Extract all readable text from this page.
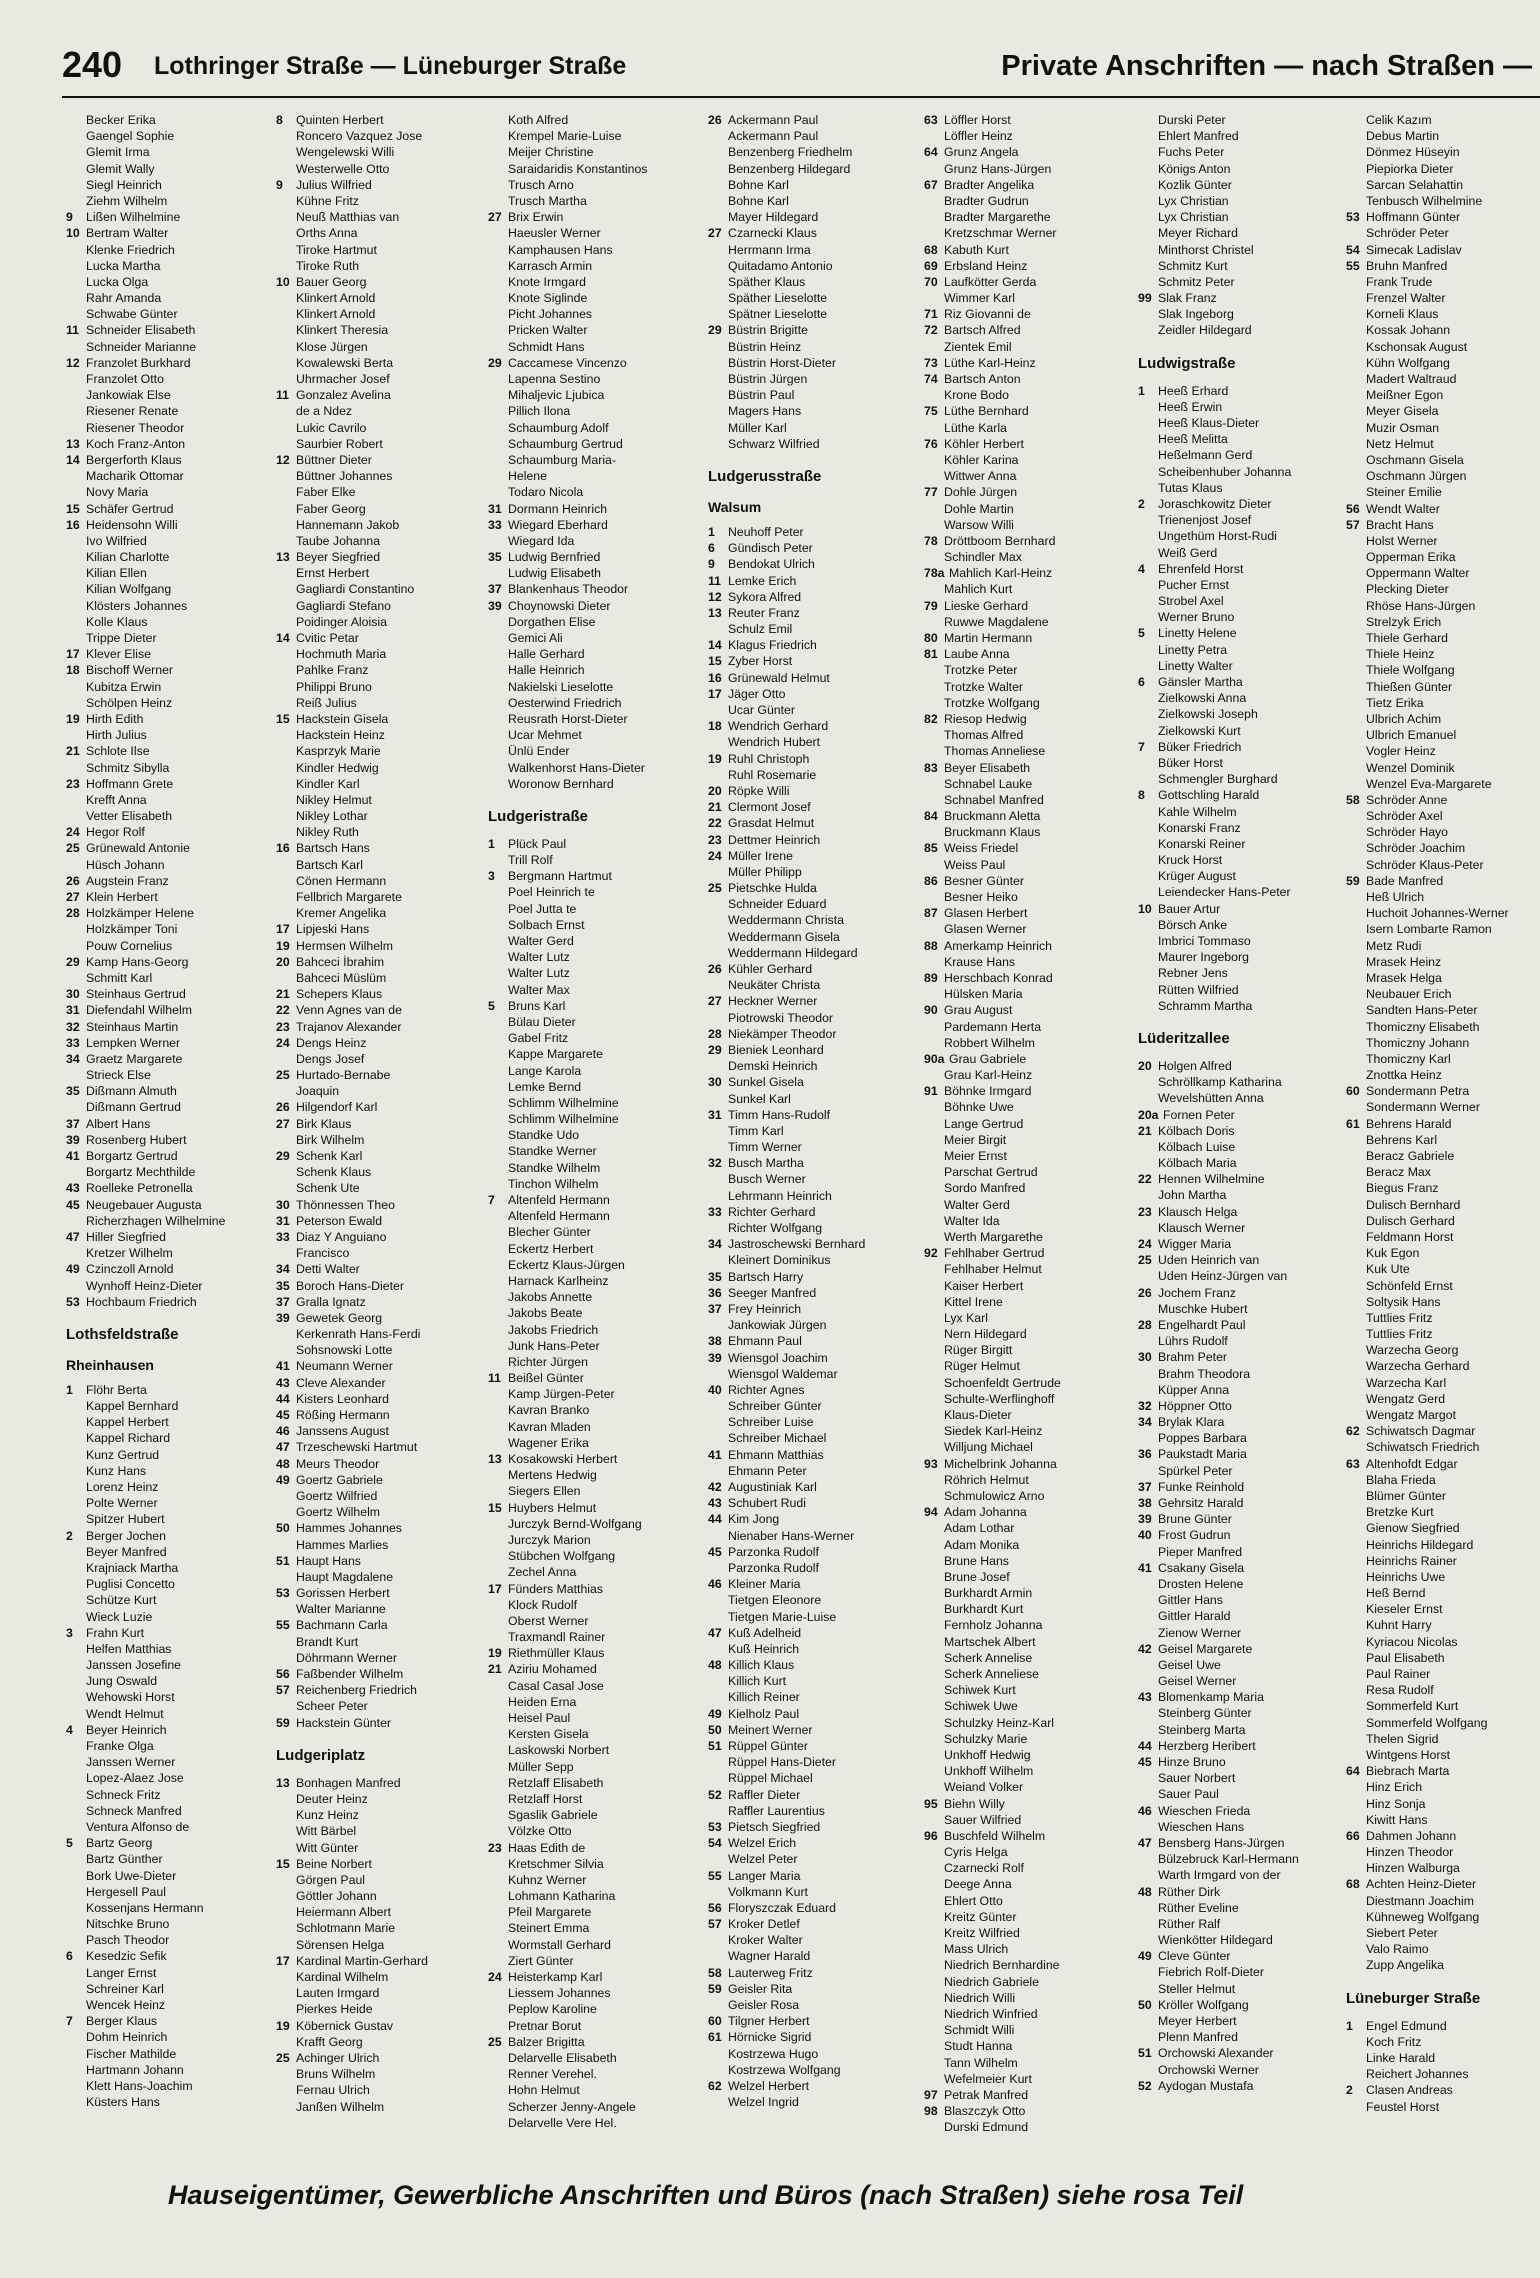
240 Lothringer Straße — Lüneburger Straße	Private Anschriften — nach Straßen —
Becker Erika
Gaengel Sophie
Glemit Irma
Glemit Wally
Siegl Heinrich
Ziehm Wilhelm
9 Lißen Wilhelmine
10 Bertram Walter
Klenke Friedrich
Lucka Martha
Lucka Olga
Rahr Amanda
Schwabe Günter
11 Schneider Elisabeth
Schneider Marianne
12 Franzolet Burkhard
Franzolet Otto
Jankowiak Else
Riesener Renate
Riesener Theodor
13 Koch Franz-Anton
14 Bergerforth Klaus
Macharik Ottomar
Novy Maria
15 Schäfer Gertrud
16 Heidensohn Willi
Ivo Wilfried
Kilian Charlotte
Kilian Ellen
Kilian Wolfgang
Klösters Johannes
Kolle Klaus
Trippe Dieter
17 Klever Elise
18 Bischoff Werner
Kubitza Erwin
Schölpen Heinz
19 Hirth Edith
Hirth Julius
21 Schlote Ilse
Schmitz Sibylla
23 Hoffmann Grete
Krefft Anna
Vetter Elisabeth
24 Hegor Rolf
25 Grünewald Antonie
Hüsch Johann
26 Augstein Franz
27 Klein Herbert
28 Holzkämper Helene
Holzkämper Toni
Pouw Cornelius
29 Kamp Hans-Georg
Schmitt Karl
30 Steinhaus Gertrud
31 Diefendahl Wilhelm
32 Steinhaus Martin
33 Lempken Werner
34 Graetz Margarete
Strieck Else
35 Dißmann Almuth
Dißmann Gertrud
37 Albert Hans
39 Rosenberg Hubert
41 Borgartz Gertrud
Borgartz Mechthilde
43 Roelleke Petronella
45 Neugebauer Augusta
Richerzhagen Wilhelmine
47 Hiller Siegfried
Kretzer Wilhelm
49 Czinczoll Arnold
Wynhoff Heinz-Dieter
53 Hochbaum Friedrich
Lothsfeldstraße
Rheinhausen
1 Flöhr Berta
Kappel Bernhard
Kappel Herbert
Kappel Richard
Kunz Gertrud
Kunz Hans
Lorenz Heinz
Polte Werner
Spitzer Hubert
2 Berger Jochen
Beyer Manfred
Krajniack Martha
Puglisi Concetto
Schütze Kurt
Wieck Luzie
3 Frahn Kurt
Helfen Matthias
Janssen Josefine
Jung Oswald
Wehowski Horst
Wendt Helmut
4 Beyer Heinrich
Franke Olga
Janssen Werner
Lopez-Alaez Jose
Schneck Fritz
Schneck Manfred
Ventura Alfonso de
5 Bartz Georg
Bartz Günther
Bork Uwe-Dieter
Hergesell Paul
Kossenjans Hermann
Nitschke Bruno
Pasch Theodor
6 Kesedzic Sefik
Langer Ernst
Schreiner Karl
Wencek Heinz
7 Berger Klaus
Dohm Heinrich
Fischer Mathilde
Hartmann Johann
Klett Hans-Joachim
Küsters Hans
8 Quinten Herbert
Roncero Vazquez Jose
Wengelewski Willi
Westerwelle Otto
9 Julius Wilfried
Kühne Fritz
Neuß Matthias van
Orths Anna
Tiroke Hartmut
Tiroke Ruth
10 Bauer Georg
Klinkert Arnold
Klinkert Arnold
Klinkert Theresia
Klose Jürgen
Kowalewski Berta
Uhrmacher Josef
11 Gonzalez Avelina
de a Ndez
Lukic Cavrilo
Saurbier Robert
12 Büttner Dieter
Büttner Johannes
Faber Elke
Faber Georg
Hannemann Jakob
Taube Johanna
13 Beyer Siegfried
Ernst Herbert
Gagliardi Constantino
Gagliardi Stefano
Poidinger Aloisia
14 Cvitic Petar
Hochmuth Maria
Pahlke Franz
Philippi Bruno
Reiß Julius
15 Hackstein Gisela
Hackstein Heinz
Kasprzyk Marie
Kindler Hedwig
Kindler Karl
Nikley Helmut
Nikley Lothar
Nikley Ruth
16 Bartsch Hans
Bartsch Karl
Cönen Hermann
Fellbrich Margarete
Kremer Angelika
17 Lipjeski Hans
19 Hermsen Wilhelm
20 Bahceci İbrahim
Bahceci Müslüm
21 Schepers Klaus
22 Venn Agnes van de
23 Trajanov Alexander
24 Dengs Heinz
Dengs Josef
25 Hurtado-Bernabe
Joaquin
26 Hilgendorf Karl
27 Birk Klaus
Birk Wilhelm
29 Schenk Karl
Schenk Klaus
Schenk Ute
30 Thönnessen Theo
31 Peterson Ewald
33 Diaz Y Anguiano
Francisco
34 Detti Walter
35 Boroch Hans-Dieter
37 Gralla Ignatz
39 Gewetek Georg
Kerkenrath Hans-Ferdi
Sohsnowski Lotte
41 Neumann Werner
43 Cleve Alexander
44 Kisters Leonhard
45 Rößing Hermann
46 Janssens August
47 Trzeschewski Hartmut
48 Meurs Theodor
49 Goertz Gabriele
Goertz Wilfried
Goertz Wilhelm
50 Hammes Johannes
Hammes Marlies
51 Haupt Hans
Haupt Magdalene
53 Gorissen Herbert
Walter Marianne
55 Bachmann Carla
Brandt Kurt
Döhrmann Werner
56 Faßbender Wilhelm
57 Reichenberg Friedrich
Scheer Peter
59 Hackstein Günter
Ludgeriplatz
13 Bonhagen Manfred
Deuter Heinz
Kunz Heinz
Witt Bärbel
Witt Günter
15 Beine Norbert
Görgen Paul
Göttler Johann
Heiermann Albert
Schlotmann Marie
Sörensen Helga
17 Kardinal Martin-Gerhard
Kardinal Wilhelm
Lauten Irmgard
Pierkes Heide
19 Köbernick Gustav
Krafft Georg
25 Achinger Ulrich
Bruns Wilhelm
Fernau Ulrich
Janßen Wilhelm
Koth Alfred
Krempel Marie-Luise
Meijer Christine
Saraidaridis Konstantinos
Trusch Arno
Trusch Martha
27 Brix Erwin
Haeusler Werner
Kamphausen Hans
Karrasch Armin
Knote Irmgard
Knote Siglinde
Picht Johannes
Pricken Walter
Schmidt Hans
29 Caccamese Vincenzo
Lapenna Sestino
Mihaljevic Ljubica
Pillich Ilona
Schaumburg Adolf
Schaumburg Gertrud
Schaumburg Maria-
Helene
Todaro Nicola
31 Dormann Heinrich
33 Wiegard Eberhard
Wiegard Ida
35 Ludwig Bernfried
Ludwig Elisabeth
37 Blankenhaus Theodor
39 Choynowski Dieter
Dorgathen Elise
Gemici Ali
Halle Gerhard
Halle Heinrich
Nakielski Lieselotte
Oesterwind Friedrich
Reusrath Horst-Dieter
Ucar Mehmet
Ünlü Ender
Walkenhorst Hans-Dieter
Woronow Bernhard
Ludgeristraße
1 Plück Paul
Trill Rolf
3 Bergmann Hartmut
Poel Heinrich te
Poel Jutta te
Solbach Ernst
Walter Gerd
Walter Lutz
Walter Lutz
Walter Max
5 Bruns Karl
Bülau Dieter
Gabel Fritz
Kappe Margarete
Lange Karola
Lemke Bernd
Schlimm Wilhelmine
Schlimm Wilhelmine
Standke Udo
Standke Werner
Standke Wilhelm
Tinchon Wilhelm
7 Altenfeld Hermann
Altenfeld Hermann
Blecher Günter
Eckertz Herbert
Eckertz Klaus-Jürgen
Harnack Karlheinz
Jakobs Annette
Jakobs Beate
Jakobs Friedrich
Junk Hans-Peter
Richter Jürgen
11 Beißel Günter
Kamp Jürgen-Peter
Kavran Branko
Kavran Mladen
Wagener Erika
13 Kosakowski Herbert
Mertens Hedwig
Siegers Ellen
15 Huybers Helmut
Jurczyk Bernd-Wolfgang
Jurczyk Marion
Stübchen Wolfgang
Zechel Anna
17 Fünders Matthias
Klock Rudolf
Oberst Werner
Traxmandl Rainer
19 Riethmüller Klaus
21 Aziriu Mohamed
Casal Casal Jose
Heiden Erna
Heisel Paul
Kersten Gisela
Laskowski Norbert
Müller Sepp
Retzlaff Elisabeth
Retzlaff Horst
Sgaslik Gabriele
Völzke Otto
23 Haas Edith de
Kretschmer Silvia
Kuhnz Werner
Lohmann Katharina
Pfeil Margarete
Steinert Emma
Wormstall Gerhard
Ziert Günter
24 Heisterkamp Karl
Liessem Johannes
Peplow Karoline
Pretnar Borut
25 Balzer Brigitta
Delarvelle Elisabeth
Renner Verehel.
Hohn Helmut
Scherzer Jenny-Angele
Delarvelle Vere Hel.
26 Ackermann Paul
Ackermann Paul
Benzenberg Friedhelm
Benzenberg Hildegard
Bohne Karl
Bohne Karl
Mayer Hildegard
27 Czarnecki Klaus
Herrmann Irma
Quitadamo Antonio
Späther Klaus
Späther Lieselotte
Spätner Lieselotte
29 Büstrin Brigitte
Büstrin Heinz
Büstrin Horst-Dieter
Büstrin Jürgen
Büstrin Paul
Magers Hans
Müller Karl
Schwarz Wilfried
Ludgerusstraße
Walsum
1 Neuhoff Peter
6 Gündisch Peter
9 Bendokat Ulrich
11 Lemke Erich
12 Sykora Alfred
13 Reuter Franz
Schulz Emil
14 Klagus Friedrich
15 Zyber Horst
16 Grünewald Helmut
17 Jäger Otto
Ucar Günter
18 Wendrich Gerhard
Wendrich Hubert
19 Ruhl Christoph
Ruhl Rosemarie
20 Röpke Willi
21 Clermont Josef
22 Grasdat Helmut
23 Dettmer Heinrich
24 Müller Irene
Müller Philipp
25 Pietschke Hulda
Schneider Eduard
Weddermann Christa
Weddermann Gisela
Weddermann Hildegard
26 Kühler Gerhard
Neukäter Christa
27 Heckner Werner
Piotrowski Theodor
28 Niekämper Theodor
29 Bieniek Leonhard
Demski Heinrich
30 Sunkel Gisela
Sunkel Karl
31 Timm Hans-Rudolf
Timm Karl
Timm Werner
32 Busch Martha
Busch Werner
Lehrmann Heinrich
33 Richter Gerhard
Richter Wolfgang
34 Jastroschewski Bernhard
Kleinert Dominikus
35 Bartsch Harry
36 Seeger Manfred
37 Frey Heinrich
Jankowiak Jürgen
38 Ehmann Paul
39 Wiensgol Joachim
Wiensgol Waldemar
40 Richter Agnes
Schreiber Günter
Schreiber Luise
Schreiber Michael
41 Ehmann Matthias
Ehmann Peter
42 Augustiniak Karl
43 Schubert Rudi
44 Kim Jong
Nienaber Hans-Werner
45 Parzonka Rudolf
Parzonka Rudolf
46 Kleiner Maria
Tietgen Eleonore
Tietgen Marie-Luise
47 Kuß Adelheid
Kuß Heinrich
48 Killich Klaus
Killich Kurt
Killich Reiner
49 Kielholz Paul
50 Meinert Werner
51 Rüppel Günter
Rüppel Hans-Dieter
Rüppel Michael
52 Raffler Dieter
Raffler Laurentius
53 Pietsch Siegfried
54 Welzel Erich
Welzel Peter
55 Langer Maria
Volkmann Kurt
56 Floryszczak Eduard
57 Kroker Detlef
Kroker Walter
Wagner Harald
58 Lauterweg Fritz
59 Geisler Rita
Geisler Rosa
60 Tilgner Herbert
61 Hörnicke Sigrid
Kostrzewa Hugo
Kostrzewa Wolfgang
62 Welzel Herbert
Welzel Ingrid
63 Löffler Horst
Löffler Heinz
64 Grunz Angela
Grunz Hans-Jürgen
67 Bradter Angelika
Bradter Gudrun
Bradter Margarethe
Kretzschmar Werner
68 Kabuth Kurt
69 Erbsland Heinz
70 Laufkötter Gerda
Wimmer Karl
71 Riz Giovanni de
72 Bartsch Alfred
Zientek Emil
73 Lüthe Karl-Heinz
74 Bartsch Anton
Krone Bodo
75 Lüthe Bernhard
Lüthe Karla
76 Köhler Herbert
Köhler Karina
Wittwer Anna
77 Dohle Jürgen
Dohle Martin
Warsow Willi
78 Dröttboom Bernhard
Schindler Max
78a Mahlich Karl-Heinz
Mahlich Kurt
79 Lieske Gerhard
Ruwwe Magdalene
80 Martin Hermann
81 Laube Anna
Trotzke Peter
Trotzke Walter
Trotzke Wolfgang
82 Riesop Hedwig
Thomas Alfred
Thomas Anneliese
83 Beyer Elisabeth
Schnabel Lauke
Schnabel Manfred
84 Bruckmann Aletta
Bruckmann Klaus
85 Weiss Friedel
Weiss Paul
86 Besner Günter
Besner Heiko
87 Glasen Herbert
Glasen Werner
88 Amerkamp Heinrich
Krause Hans
89 Herschbach Konrad
Hülsken Maria
90 Grau August
Pardemann Herta
Robbert Wilhelm
90a Grau Gabriele
Grau Karl-Heinz
91 Böhnke Irmgard
Böhnke Uwe
Lange Gertrud
Meier Birgit
Meier Ernst
Parschat Gertrud
Sordo Manfred
Walter Gerd
Walter Ida
Werth Margarethe
92 Fehlhaber Gertrud
Fehlhaber Helmut
Kaiser Herbert
Kittel Irene
Lyx Karl
Nern Hildegard
Rüger Birgitt
Rüger Helmut
Schoenfeldt Gertrude
Schulte-Werflinghoff
Klaus-Dieter
Siedek Karl-Heinz
Willjung Michael
93 Michelbrink Johanna
Röhrich Helmut
Schmulowicz Arno
94 Adam Johanna
Adam Lothar
Adam Monika
Brune Hans
Brune Josef
Burkhardt Armin
Burkhardt Kurt
Fernholz Johanna
Martschek Albert
Scherk Annelise
Scherk Anneliese
Schiwek Kurt
Schiwek Uwe
Schulzky Heinz-Karl
Schulzky Marie
Unkhoff Hedwig
Unkhoff Wilhelm
Weiand Volker
95 Biehn Willy
Sauer Wilfried
96 Buschfeld Wilhelm
Cyris Helga
Czarnecki Rolf
Deege Anna
Ehlert Otto
Kreitz Günter
Kreitz Wilfried
Mass Ulrich
Niedrich Bernhardine
Niedrich Gabriele
Niedrich Willi
Niedrich Winfried
Schmidt Willi
Studt Hanna
Tann Wilhelm
Wefelmeier Kurt
97 Petrak Manfred
98 Blaszczyk Otto
Durski Edmund
Durski Peter
Ehlert Manfred
Fuchs Peter
Königs Anton
Kozlik Günter
Lyx Christian
Lyx Christian
Meyer Richard
Minthorst Christel
Schmitz Kurt
Schmitz Peter
99 Slak Franz
Slak Ingeborg
Zeidler Hildegard
Ludwigstraße
1 Heeß Erhard
Heeß Erwin
Heeß Klaus-Dieter
Heeß Melitta
Heßelmann Gerd
Scheibenhuber Johanna
Tutas Klaus
2 Joraschkowitz Dieter
Trienenjost Josef
Ungethüm Horst-Rudi
Weiß Gerd
4 Ehrenfeld Horst
Pucher Ernst
Strobel Axel
Werner Bruno
5 Linetty Helene
Linetty Petra
Linetty Walter
6 Gänsler Martha
Zielkowski Anna
Zielkowski Joseph
Zielkowski Kurt
7 Büker Friedrich
Büker Horst
Schmengler Burghard
8 Gottschling Harald
Kahle Wilhelm
Konarski Franz
Konarski Reiner
Kruck Horst
Krüger August
Leiendecker Hans-Peter
10 Bauer Artur
Börsch Anke
Imbrici Tommaso
Maurer Ingeborg
Rebner Jens
Rütten Wilfried
Schramm Martha
Lüderitzallee
20 Holgen Alfred
Schröllkamp Katharina
Wevelshütten Anna
20a Fornen Peter
21 Kölbach Doris
Kölbach Luise
Kölbach Maria
22 Hennen Wilhelmine
John Martha
23 Klausch Helga
Klausch Werner
24 Wigger Maria
25 Uden Heinrich van
Uden Heinz-Jürgen van
26 Jochem Franz
Muschke Hubert
28 Engelhardt Paul
Lührs Rudolf
30 Brahm Peter
Brahm Theodora
Küpper Anna
32 Höppner Otto
34 Brylak Klara
Poppes Barbara
36 Paukstadt Maria
Spürkel Peter
37 Funke Reinhold
38 Gehrsitz Harald
39 Brune Günter
40 Frost Gudrun
Pieper Manfred
41 Csakany Gisela
Drosten Helene
Gittler Hans
Gittler Harald
Zienow Werner
42 Geisel Margarete
Geisel Uwe
Geisel Werner
43 Blomenkamp Maria
Steinberg Günter
Steinberg Marta
44 Herzberg Heribert
45 Hinze Bruno
Sauer Norbert
Sauer Paul
46 Wieschen Frieda
Wieschen Hans
47 Bensberg Hans-Jürgen
Bülzebruck Karl-Hermann
Warth Irmgard von der
48 Rüther Dirk
Rüther Eveline
Rüther Ralf
Wienkötter Hildegard
49 Cleve Günter
Fiebrich Rolf-Dieter
Steller Helmut
50 Kröller Wolfgang
Meyer Herbert
Plenn Manfred
51 Orchowski Alexander
Orchowski Werner
52 Aydogan Mustafa
Celik Kazım
Debus Martin
Dönmez Hüseyin
Piepiorka Dieter
Sarcan Selahattin
Tenbusch Wilhelmine
53 Hoffmann Günter
Schröder Peter
54 Simecak Ladislav
55 Bruhn Manfred
Frank Trude
Frenzel Walter
Korneli Klaus
Kossak Johann
Kschonsak August
Kühn Wolfgang
Madert Waltraud
Meißner Egon
Meyer Gisela
Muzir Osman
Netz Helmut
Oschmann Gisela
Oschmann Jürgen
Steiner Emilie
56 Wendt Walter
57 Bracht Hans
Holst Werner
Opperman Erika
Oppermann Walter
Plecking Dieter
Rhöse Hans-Jürgen
Strelzyk Erich
Thiele Gerhard
Thiele Heinz
Thiele Wolfgang
Thießen Günter
Tietz Erika
Ulbrich Achim
Ulbrich Emanuel
Vogler Heinz
Wenzel Dominik
Wenzel Eva-Margarete
58 Schröder Anne
Schröder Axel
Schröder Hayo
Schröder Joachim
Schröder Klaus-Peter
59 Bade Manfred
Heß Ulrich
Huchoit Johannes-Werner
Isern Lombarte Ramon
Metz Rudi
Mrasek Heinz
Mrasek Helga
Neubauer Erich
Sandten Hans-Peter
Thomiczny Elisabeth
Thomiczny Johann
Thomiczny Karl
Znottka Heinz
60 Sondermann Petra
Sondermann Werner
61 Behrens Harald
Behrens Karl
Beracz Gabriele
Beracz Max
Biegus Franz
Dulisch Bernhard
Dulisch Gerhard
Feldmann Horst
Kuk Egon
Kuk Ute
Schönfeld Ernst
Soltysik Hans
Tuttlies Fritz
Tuttlies Fritz
Warzecha Georg
Warzecha Gerhard
Warzecha Karl
Wengatz Gerd
Wengatz Margot
62 Schiwatsch Dagmar
Schiwatsch Friedrich
63 Altenhofdt Edgar
Blaha Frieda
Blümer Günter
Bretzke Kurt
Gienow Siegfried
Heinrichs Hildegard
Heinrichs Rainer
Heinrichs Uwe
Heß Bernd
Kieseler Ernst
Kuhnt Harry
Kyriacou Nicolas
Paul Elisabeth
Paul Rainer
Resa Rudolf
Sommerfeld Kurt
Sommerfeld Wolfgang
Thelen Sigrid
Wintgens Horst
64 Biebrach Marta
Hinz Erich
Hinz Sonja
Kiwitt Hans
66 Dahmen Johann
Hinzen Theodor
Hinzen Walburga
68 Achten Heinz-Dieter
Diestmann Joachim
Kühneweg Wolfgang
Siebert Peter
Valo Raimo
Zupp Angelika
Lüneburger Straße
1 Engel Edmund
Koch Fritz
Linke Harald
Reichert Johannes
2 Clasen Andreas
Feustel Horst
Hauseigentümer, Gewerbliche Anschriften und Büros (nach Straßen) siehe rosa Teil
